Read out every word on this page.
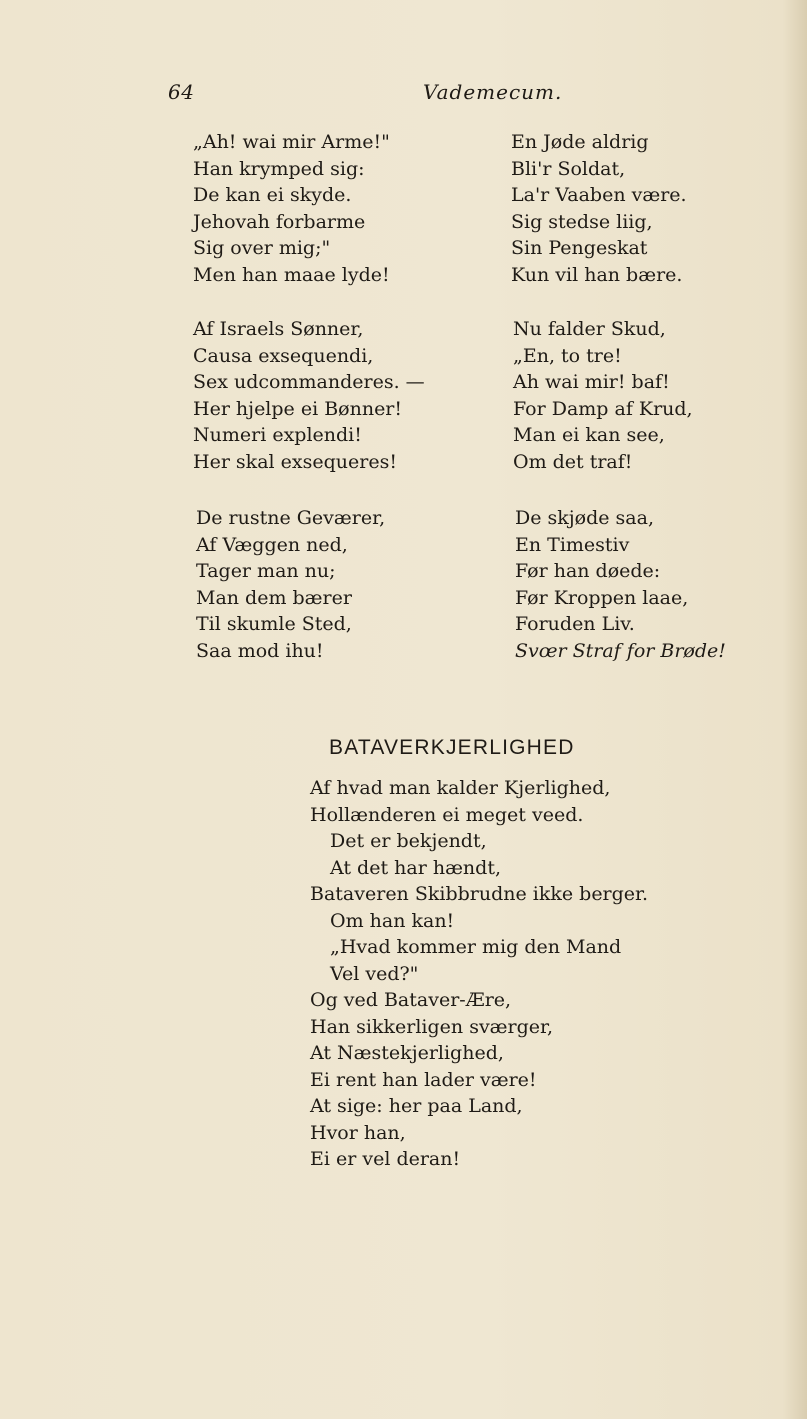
64	Vademecum.
„Ah! wai mir Arme!"
Han krymped sig:
De kan ei skyde.
Jehovah forbarme
Sig over mig;"
Men han maae lyde!
Af Israels Sønner,
Causa exsequendi,
Sex udcommanderes. —
Her hjelpe ei Bønner!
Numeri explendi!
Her skal exsequeres!
De rustne Geværer,
Af Væggen ned,
Tager man nu;
Man dem bærer
Til skumle Sted,
Saa mod ihu!
En Jøde aldrig
Bli'r Soldat,
La'r Vaaben være.
Sig stedse liig,
Sin Pengeskat
Kun vil han bære.
Nu falder Skud,
„En, to tre!
Ah wai mir! baf!
For Damp af Krud,
Man ei kan see,
Om det traf!
De skjøde saa,
En Timestiv
Før han døede:
Før Kroppen laae,
Foruden Liv.
Svœr Straf for Brøde!
BATAVERKJERLIGHED
Af hvad man kalder Kjerlighed,
Hollænderen ei meget veed.
Det er bekjendt,
At det har hændt,
Bataveren Skibbrudne ikke berger.
Om han kan!
„Hvad kommer mig den Mand
Vel ved?"
Og ved Bataver-Ære,
Han sikkerligen sværger,
At Næstekjerlighed,
Ei rent han lader være!
At sige: her paa Land,
Hvor han,
Ei er vel deran!
